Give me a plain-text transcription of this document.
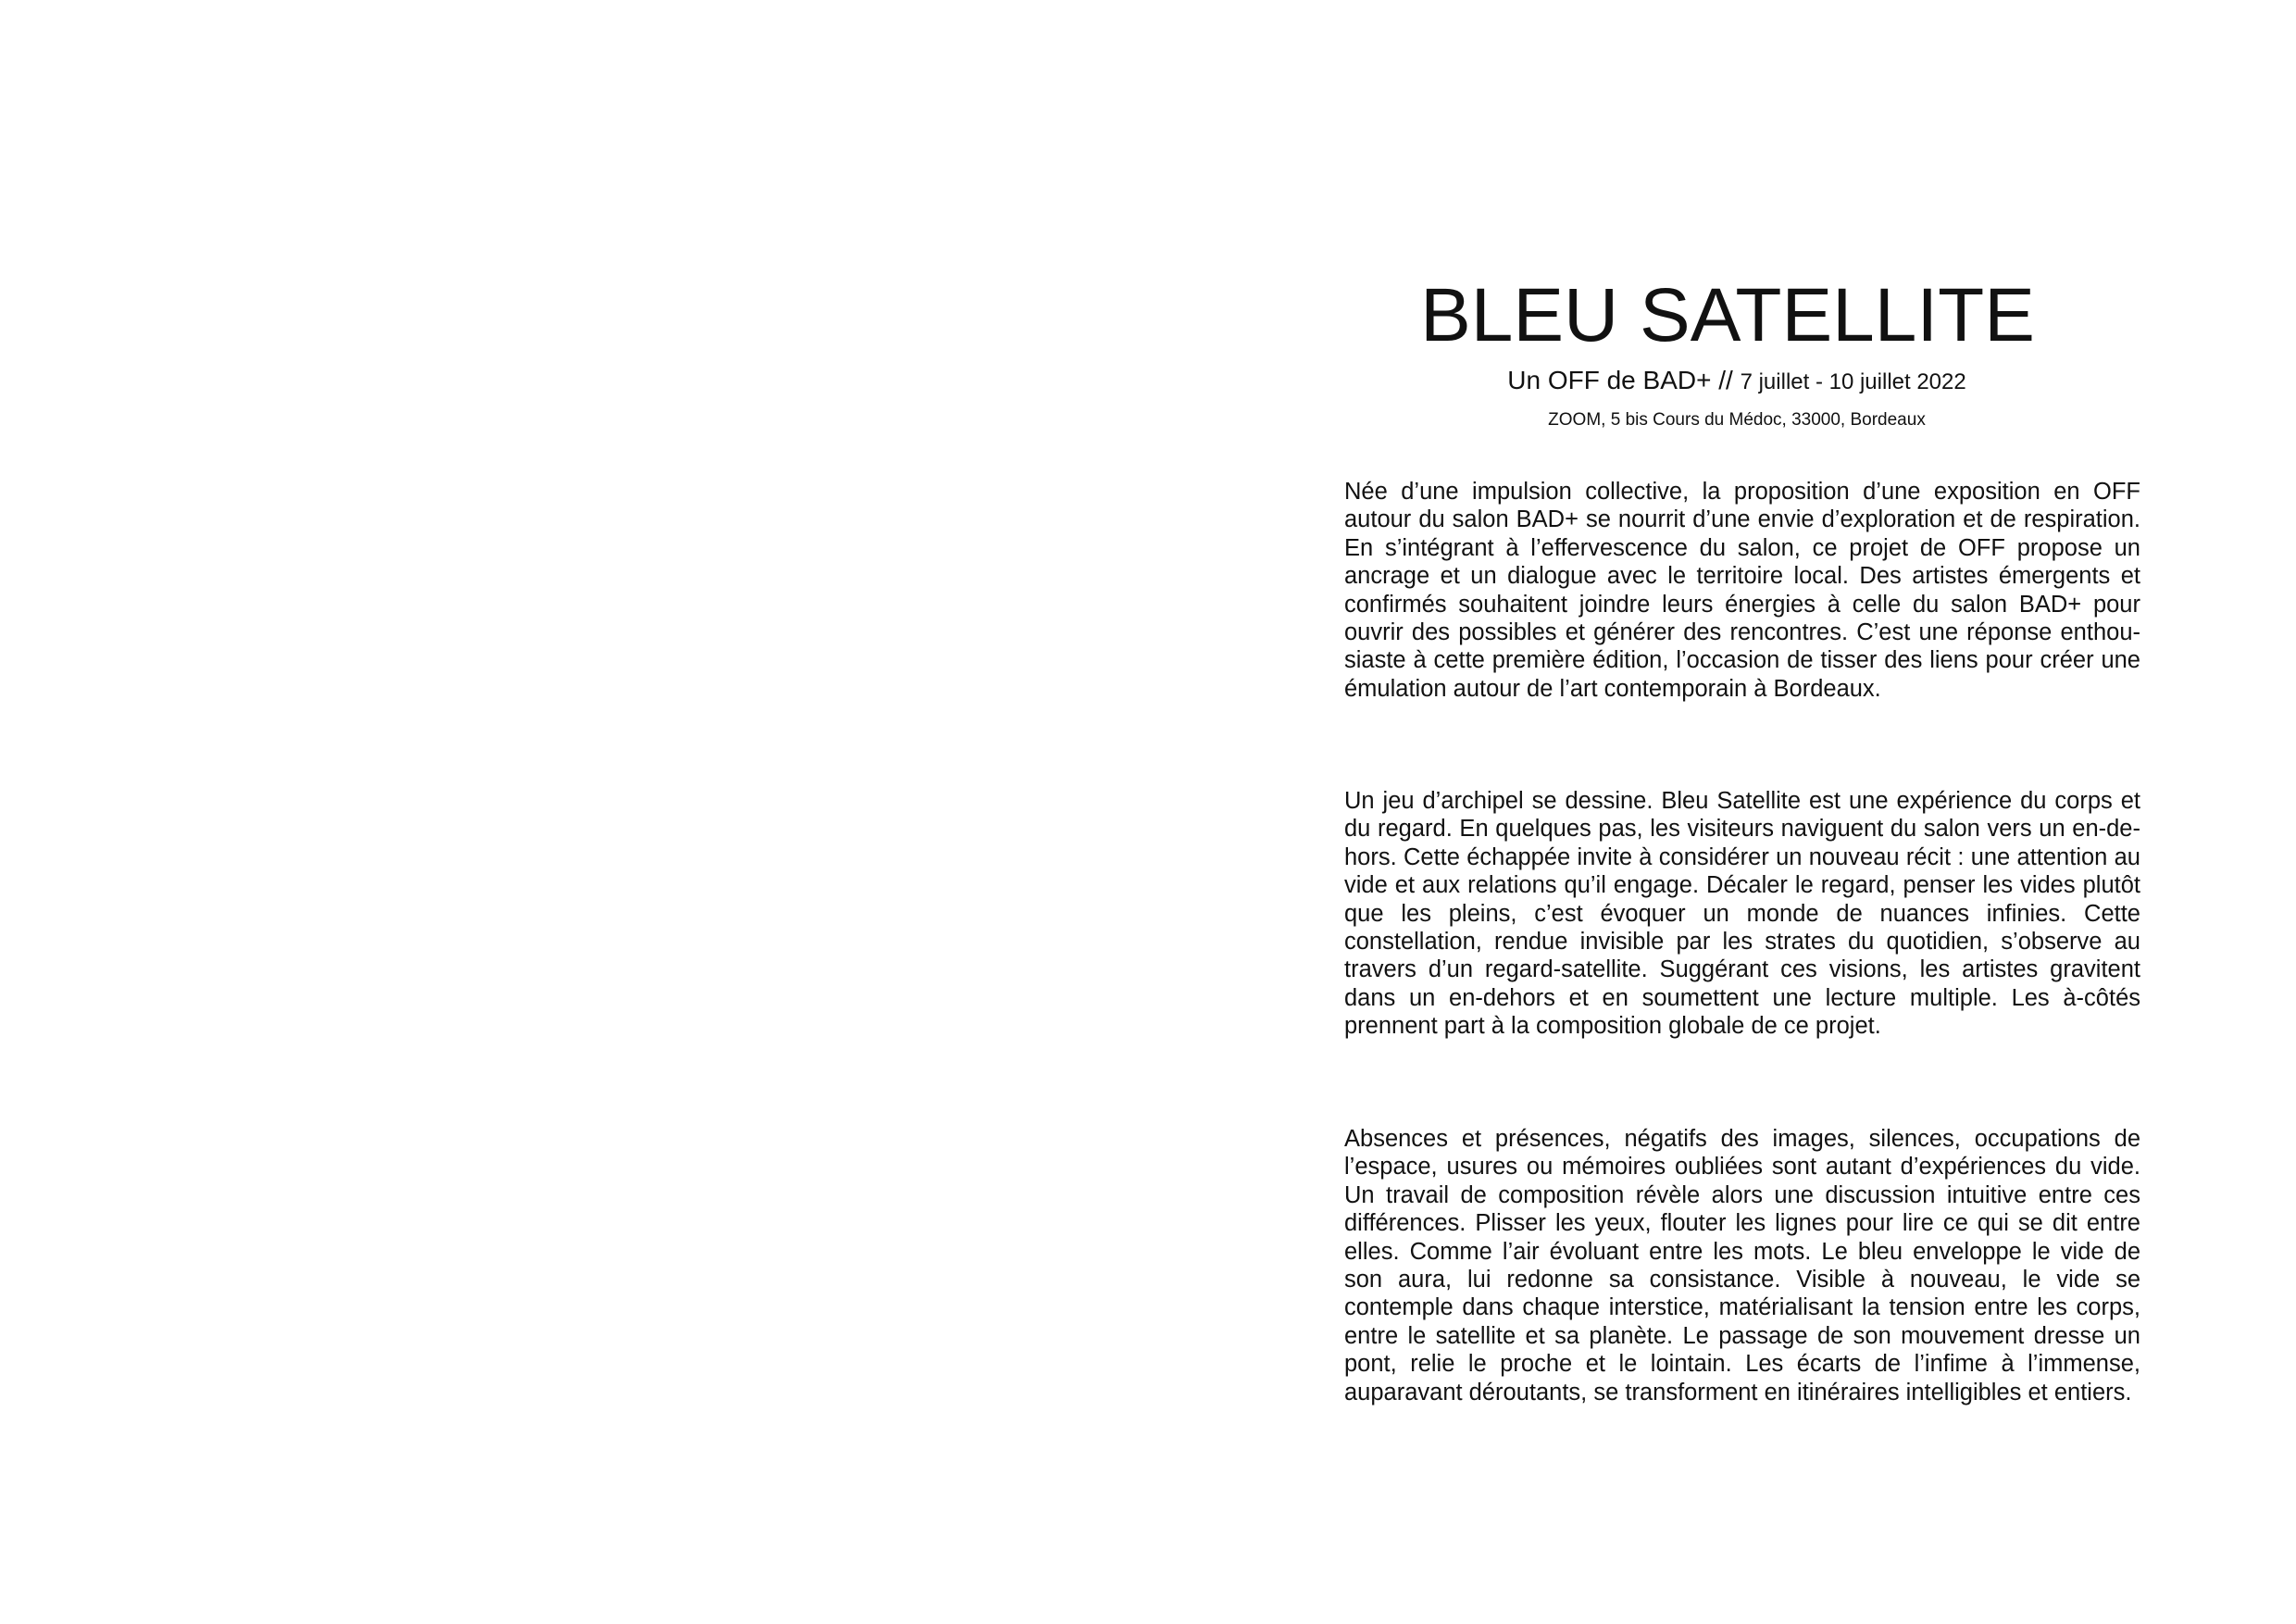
BLEU SATELLITE
Un OFF de BAD+ // 7 juillet - 10 juillet 2022
ZOOM, 5 bis Cours du Médoc, 33000, Bordeaux

Née d’une impulsion collective, la proposition d’une exposition en OFF autour du salon BAD+ se nourrit d’une envie d’exploration et de respiration. En s’intégrant à l’effervescence du salon, ce projet de OFF propose un ancrage et un dialogue avec le territoire local. Des artistes émergents et confirmés souhaitent joindre leurs énergies à celle du salon BAD+ pour ouvrir des possibles et générer des rencontres. C’est une réponse enthousiaste à cette première édition, l’occasion de tisser des liens pour créer une émulation autour de l’art contemporain à Bordeaux.

Un jeu d’archipel se dessine. Bleu Satellite est une expérience du corps et du regard. En quelques pas, les visiteurs naviguent du salon vers un en-dehors. Cette échappée invite à considérer un nouveau récit : une attention au vide et aux relations qu’il engage. Décaler le regard, penser les vides plutôt que les pleins, c’est évoquer un monde de nuances infinies. Cette constellation, rendue invisible par les strates du quotidien, s’observe au travers d’un regard-satellite. Suggérant ces visions, les artistes gravitent dans un en-dehors et en soumettent une lecture multiple. Les à-côtés prennent part à la composition globale de ce projet.

Absences et présences, négatifs des images, silences, occupations de l’espace, usures ou mémoires oubliées sont autant d’expériences du vide. Un travail de composition révèle alors une discussion intuitive entre ces différences. Plisser les yeux, flouter les lignes pour lire ce qui se dit entre elles. Comme l’air évoluant entre les mots. Le bleu enveloppe le vide de son aura, lui redonne sa consistance. Visible à nouveau, le vide se contemple dans chaque interstice, matérialisant la tension entre les corps, entre le satellite et sa planète. Le passage de son mouvement dresse un pont, relie le proche et le lointain. Les écarts de l’infime à l’immense, auparavant déroutants, se transforment en itinéraires intelligibles et entiers.
